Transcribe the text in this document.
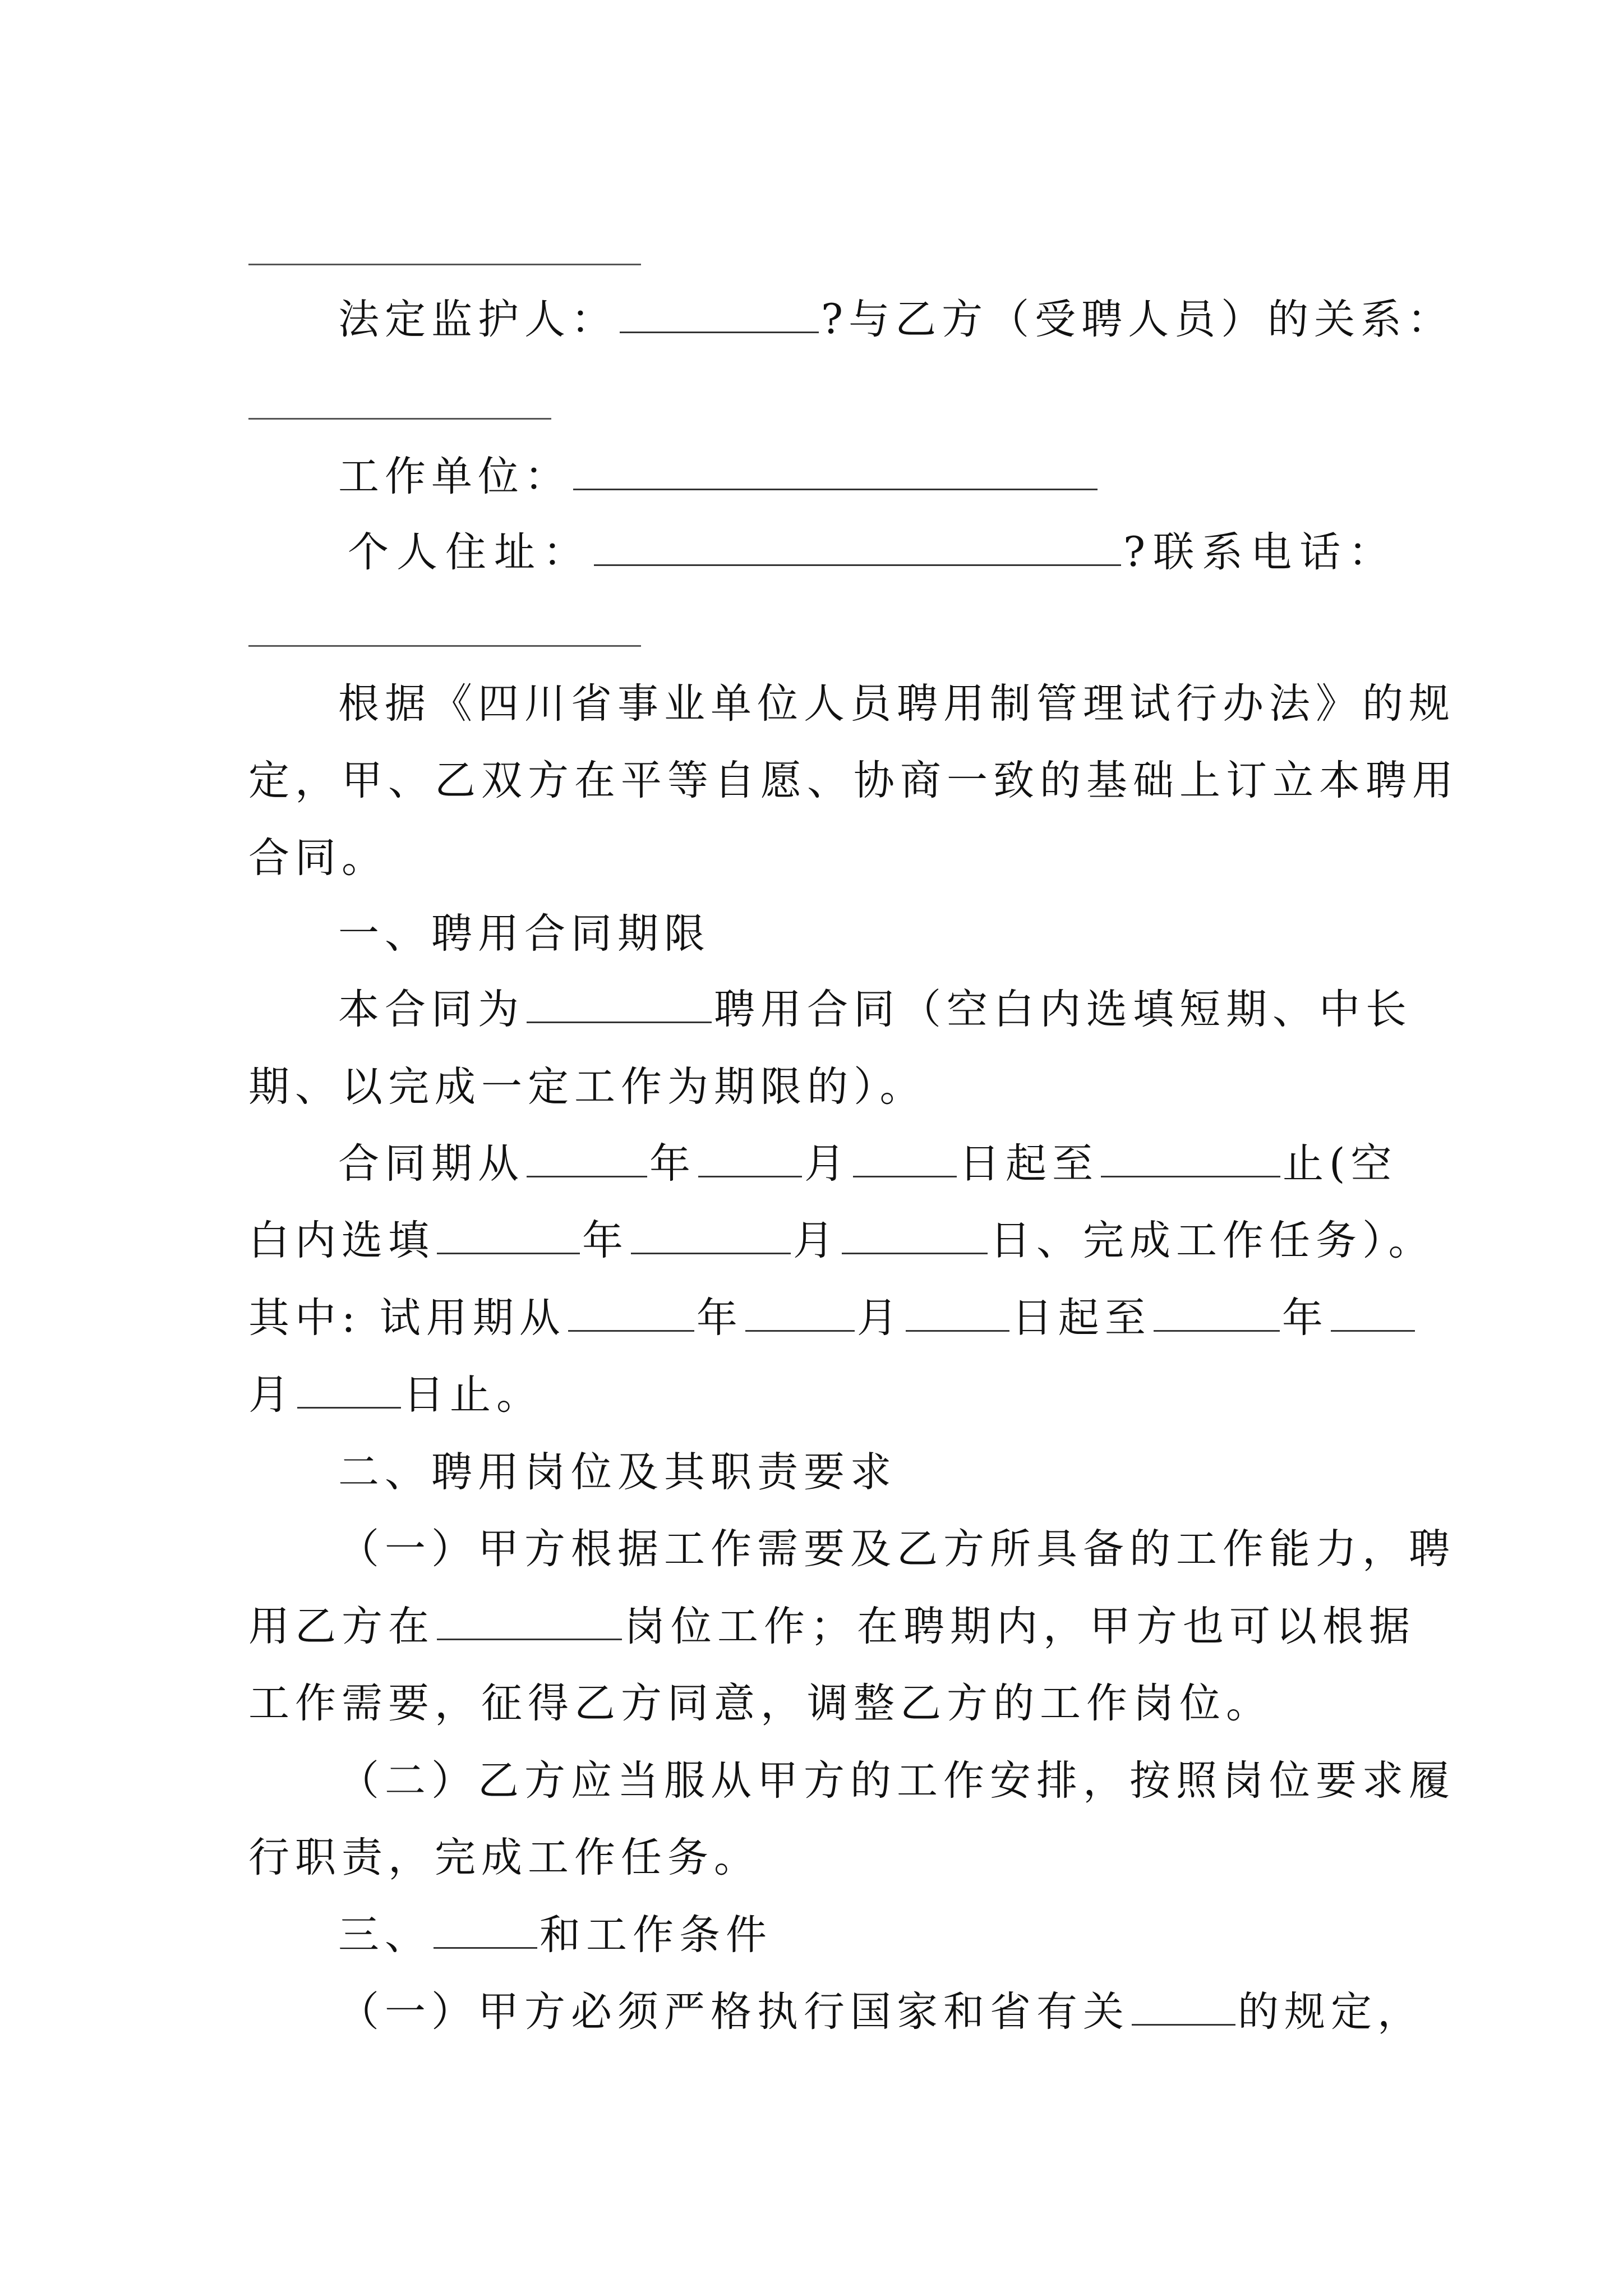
法定监护人：	?与乙方（受聘人员）的关系：
工作单位：
个人住址：	?联系电话：
根据《四川省事业单位人员聘用制管理试行办法》的规
定，甲、乙双方在平等自愿、协商一致的基础上订立本聘用
合同。
一、聘用合同期限
本合同为	聘用合同（空白内选填短期、中长
期、以完成一定工作为期限的）。
合同期从	年	月	日起至	止(空
白内选填	年	月	日、完成工作任务）。
其中: 试用期从	年	月	日起至	年
月	日止。
二、聘用岗位及其职责要求
（一）甲方根据工作需要及乙方所具备的工作能力，聘
用乙方在	岗位工作；在聘期内，甲方也可以根据
工作需要，征得乙方同意，调整乙方的工作岗位。
（二）乙方应当服从甲方的工作安排，按照岗位要求履
行职责，完成工作任务。
三、	和工作条件
（一）甲方必须严格执行国家和省有关	的规定，
